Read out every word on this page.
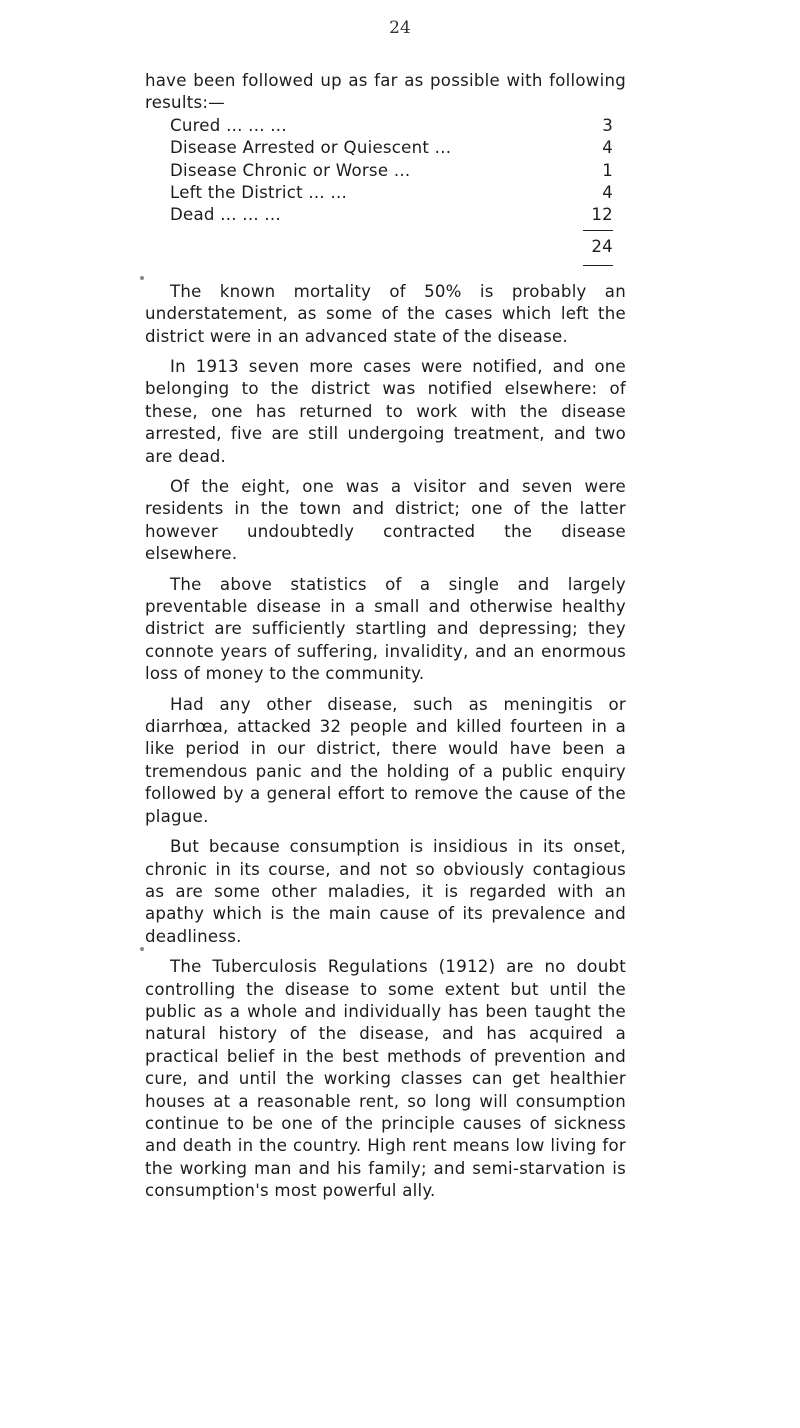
24

have been followed up as far as possible with following results:—

Cured ... ... ...	3
Disease Arrested or Quiescent ...	4
Disease Chronic or Worse ...	1
Left the District ... ...	4
Dead ... ... ...	12
24

The known mortality of 50% is probably an understatement, as some of the cases which left the district were in an advanced state of the disease.

In 1913 seven more cases were notified, and one belonging to the district was notified elsewhere: of these, one has returned to work with the disease arrested, five are still undergoing treatment, and two are dead.

Of the eight, one was a visitor and seven were residents in the town and district; one of the latter however undoubtedly contracted the disease elsewhere.

The above statistics of a single and largely preventable disease in a small and otherwise healthy district are sufficiently startling and depressing; they connote years of suffering, invalidity, and an enormous loss of money to the community.

Had any other disease, such as meningitis or diarrhœa, attacked 32 people and killed fourteen in a like period in our district, there would have been a tremendous panic and the holding of a public enquiry followed by a general effort to remove the cause of the plague.

But because consumption is insidious in its onset, chronic in its course, and not so obviously contagious as are some other maladies, it is regarded with an apathy which is the main cause of its prevalence and deadliness.

The Tuberculosis Regulations (1912) are no doubt controlling the disease to some extent but until the public as a whole and individually has been taught the natural history of the disease, and has acquired a practical belief in the best methods of prevention and cure, and until the working classes can get healthier houses at a reasonable rent, so long will consumption continue to be one of the principle causes of sickness and death in the country. High rent means low living for the working man and his family; and semi-starvation is consumption's most powerful ally.
